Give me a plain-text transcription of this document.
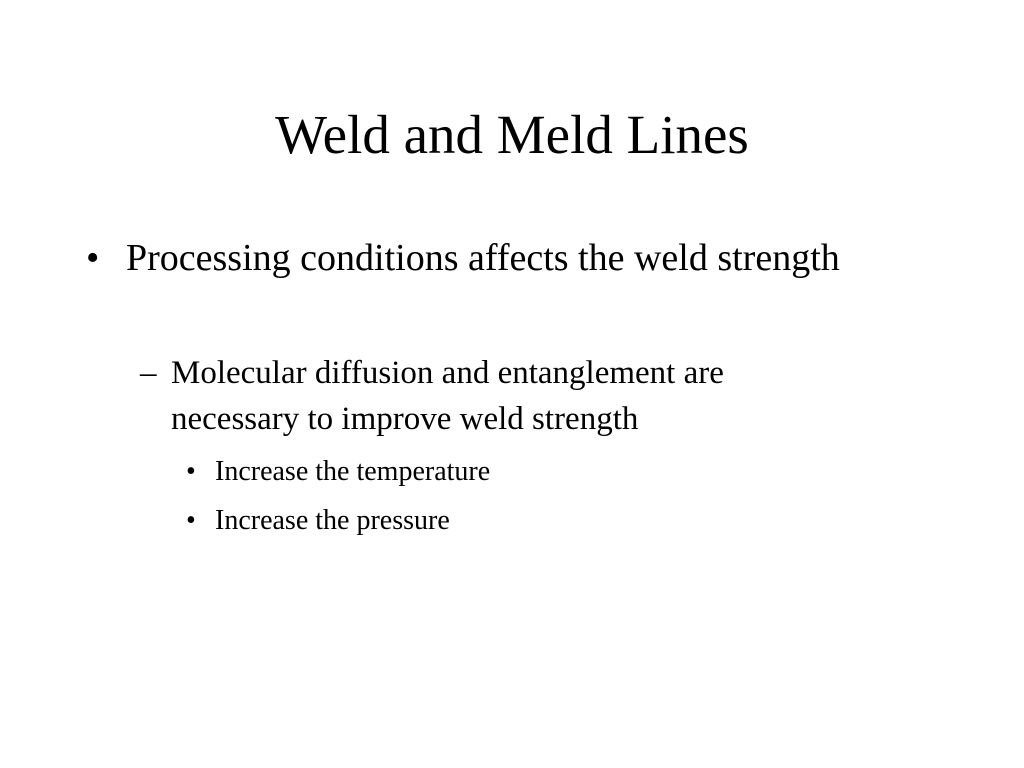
Weld and Meld Lines
• Processing conditions affects the weld strength
– Molecular diffusion and entanglement are necessary to improve weld strength
• Increase the temperature
• Increase the pressure
